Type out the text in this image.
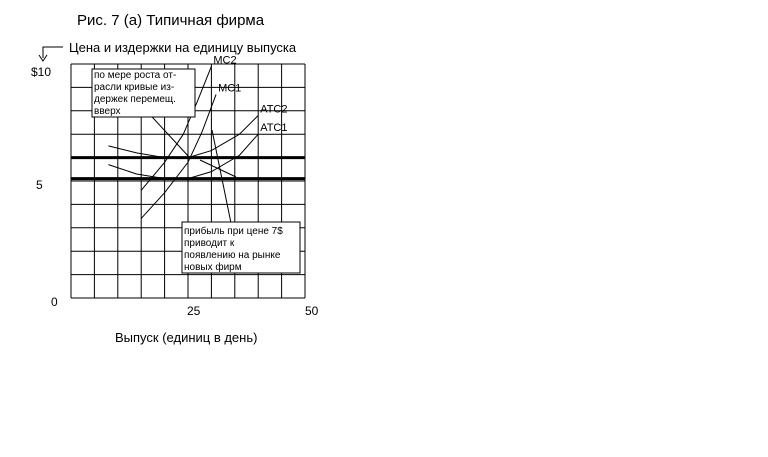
Рис. 7 (а) Типичная фирма
Цена и издержки на единицу выпуска
MC2
MC1
ATC2
ATC1
по мере роста от-
расли кривые из-
держек перемещ.
вверх
прибыль при цене 7$
приводит к
появлению на рынке
новых фирм
$10
5
0
25	50
Выпуск (единиц в день)
